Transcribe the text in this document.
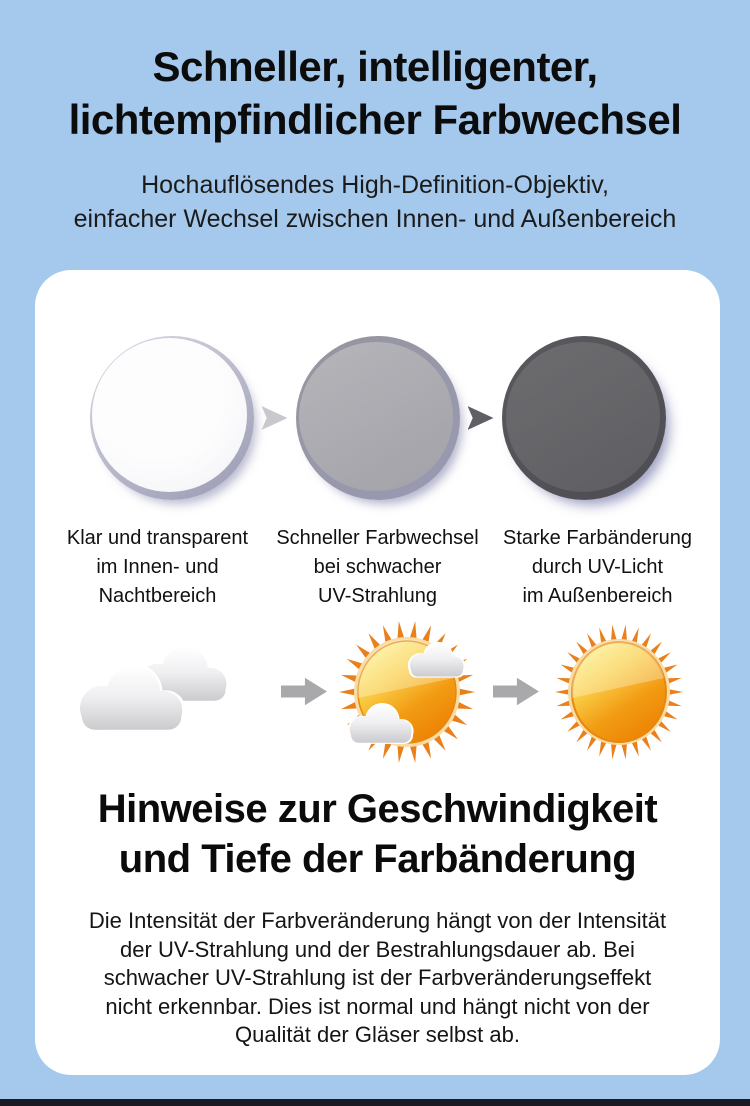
Schneller, intelligenter,
lichtempfindlicher Farbwechsel

Hochauflösendes High-Definition-Objektiv,
einfacher Wechsel zwischen Innen- und Außenbereich

Klar und transparent
im Innen- und
Nachtbereich
Schneller Farbwechsel
bei schwacher
UV-Strahlung
Starke Farbänderung
durch UV-Licht
im Außenbereich
Hinweise zur Geschwindigkeit
und Tiefe der Farbänderung

Die Intensität der Farbveränderung hängt von der Intensität
der UV-Strahlung und der Bestrahlungsdauer ab. Bei
schwacher UV-Strahlung ist der Farbveränderungseffekt
nicht erkennbar. Dies ist normal und hängt nicht von der
Qualität der Gläser selbst ab.
